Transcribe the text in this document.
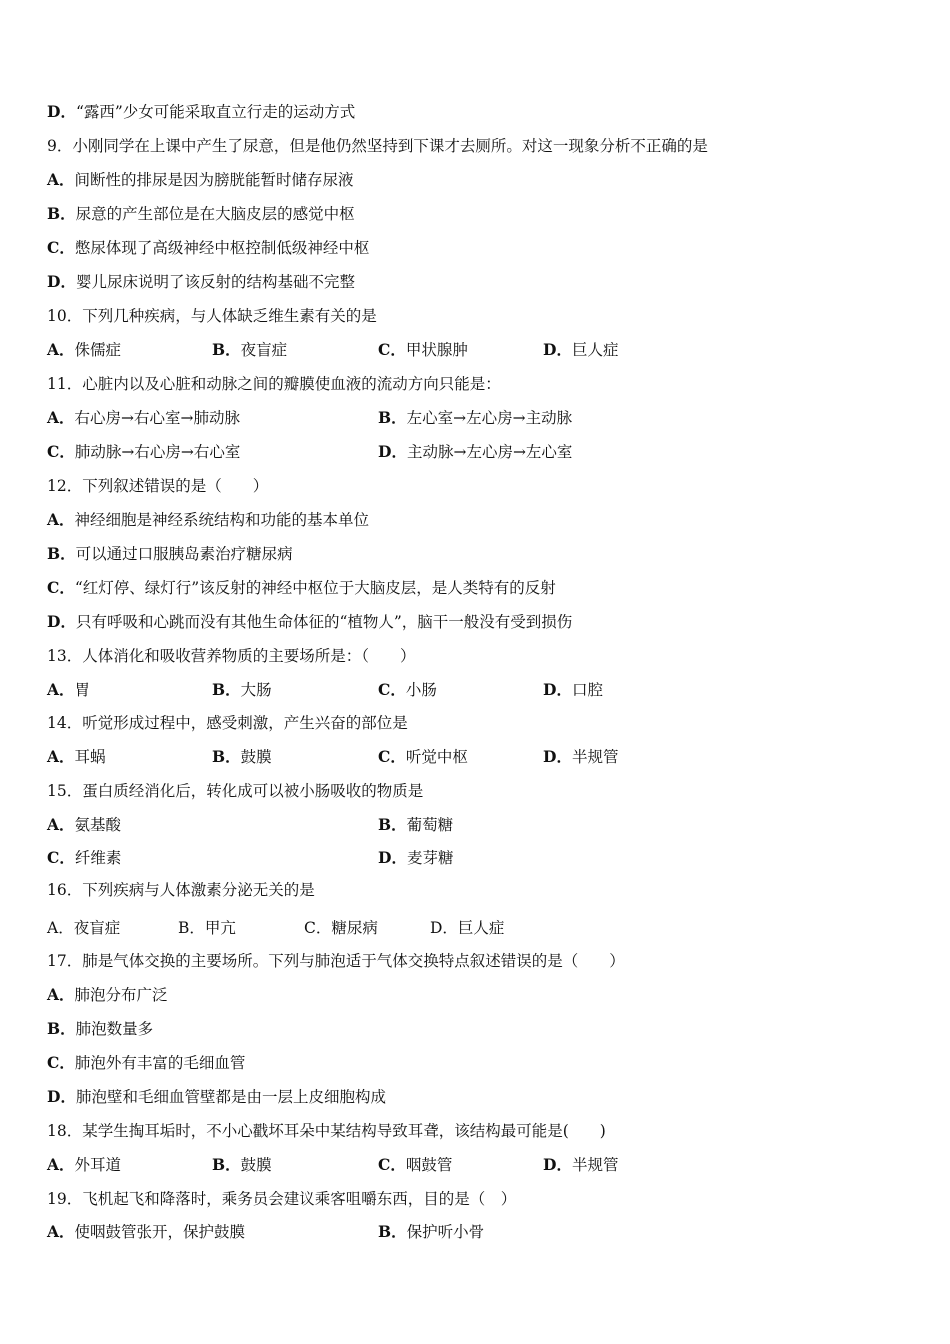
D．“露西”少女可能采取直立行走的运动方式
9．小刚同学在上课中产生了尿意，但是他仍然坚持到下课才去厕所。对这一现象分析不正确的是
A．间断性的排尿是因为膀胱能暂时储存尿液
B．尿意的产生部位是在大脑皮层的感觉中枢
C．憋尿体现了高级神经中枢控制低级神经中枢
D．婴儿尿床说明了该反射的结构基础不完整
10．下列几种疾病，与人体缺乏维生素有关的是
A．侏儒症	B．夜盲症	C．甲状腺肿	D．巨人症
11．心脏内以及心脏和动脉之间的瓣膜使血液的流动方向只能是：
A．右心房→右心室→肺动脉	B．左心室→左心房→主动脉
C．肺动脉→右心房→右心室	D．主动脉→左心房→左心室
12．下列叙述错误的是（　　）
A．神经细胞是神经系统结构和功能的基本单位
B．可以通过口服胰岛素治疗糖尿病
C．“红灯停、绿灯行”该反射的神经中枢位于大脑皮层，是人类特有的反射
D．只有呼吸和心跳而没有其他生命体征的“植物人”，脑干一般没有受到损伤
13．人体消化和吸收营养物质的主要场所是：（　　）
A．胃	B．大肠	C．小肠	D．口腔
14．听觉形成过程中，感受刺激，产生兴奋的部位是
A．耳蜗	B．鼓膜	C．听觉中枢	D．半规管
15．蛋白质经消化后，转化成可以被小肠吸收的物质是
A．氨基酸	B．葡萄糖
C．纤维素	D．麦芽糖
16．下列疾病与人体激素分泌无关的是
A．夜盲症	B．甲亢	C．糖尿病	D．巨人症
17．肺是气体交换的主要场所。下列与肺泡适于气体交换特点叙述错误的是（　　）
A．肺泡分布广泛
B．肺泡数量多
C．肺泡外有丰富的毛细血管
D．肺泡壁和毛细血管壁都是由一层上皮细胞构成
18．某学生掏耳垢时，不小心戳坏耳朵中某结构导致耳聋，该结构最可能是(　　)
A．外耳道	B．鼓膜	C．咽鼓管	D．半规管
19．飞机起飞和降落时，乘务员会建议乘客咀嚼东西，目的是（　）
A．使咽鼓管张开，保护鼓膜	B．保护听小骨
